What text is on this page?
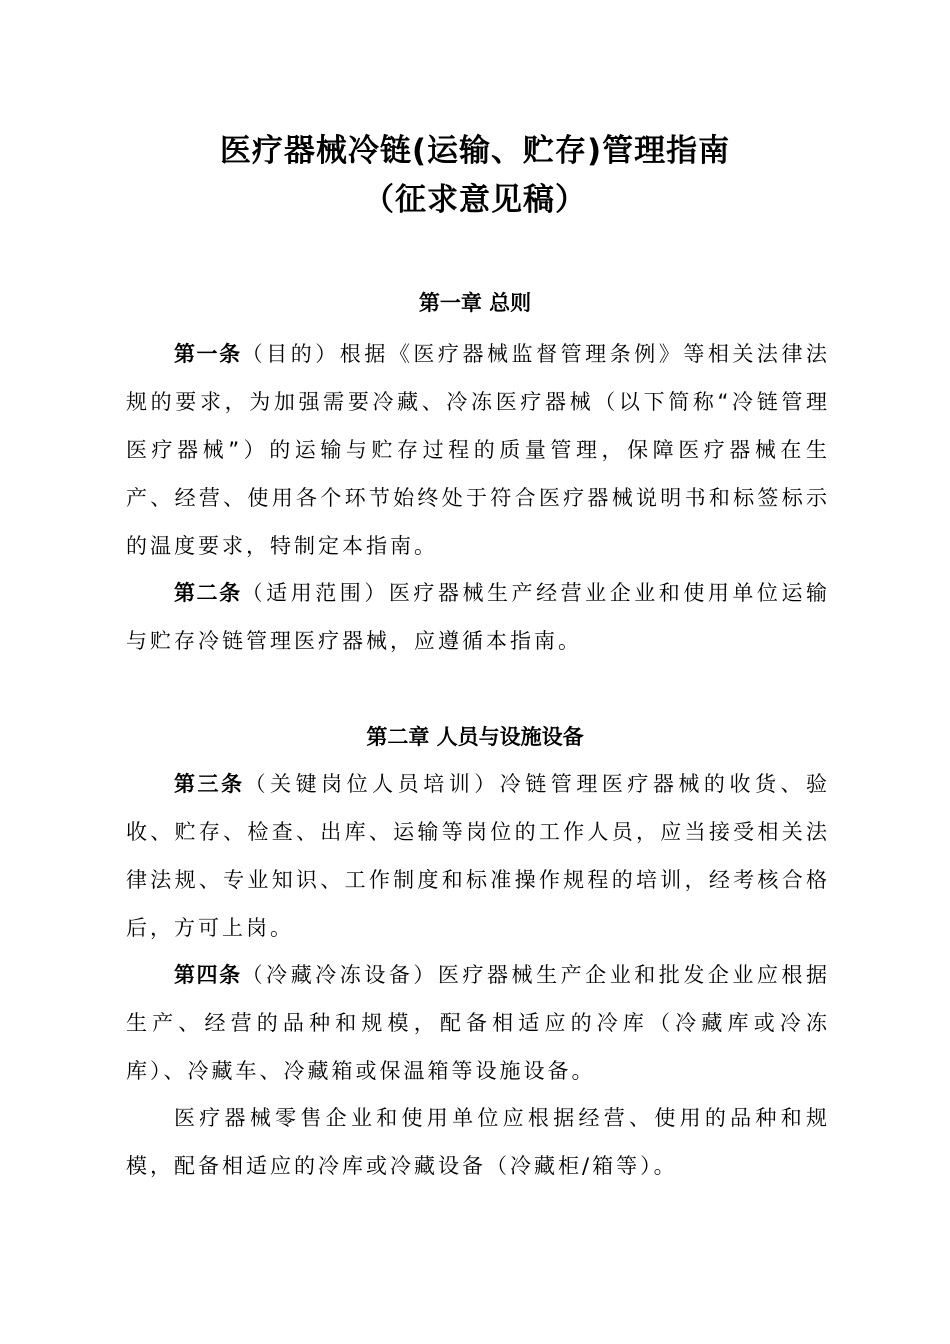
医疗器械冷链(运输、贮存)管理指南
（征求意见稿）
第一章 总则

第一条（目的）根据《医疗器械监督管理条例》等相关法律法规的要求，为加强需要冷藏、冷冻医疗器械（以下简称“冷链管理医疗器械”）的运输与贮存过程的质量管理，保障医疗器械在生产、经营、使用各个环节始终处于符合医疗器械说明书和标签标示的温度要求，特制定本指南。

第二条（适用范围）医疗器械生产经营业企业和使用单位运输与贮存冷链管理医疗器械，应遵循本指南。

第二章 人员与设施设备

第三条（关键岗位人员培训）冷链管理医疗器械的收货、验收、贮存、检查、出库、运输等岗位的工作人员，应当接受相关法律法规、专业知识、工作制度和标准操作规程的培训，经考核合格后，方可上岗。

第四条（冷藏冷冻设备）医疗器械生产企业和批发企业应根据生产、经营的品种和规模，配备相适应的冷库（冷藏库或冷冻库）、冷藏车、冷藏箱或保温箱等设施设备。

医疗器械零售企业和使用单位应根据经营、使用的品种和规模，配备相适应的冷库或冷藏设备（冷藏柜/箱等）。
